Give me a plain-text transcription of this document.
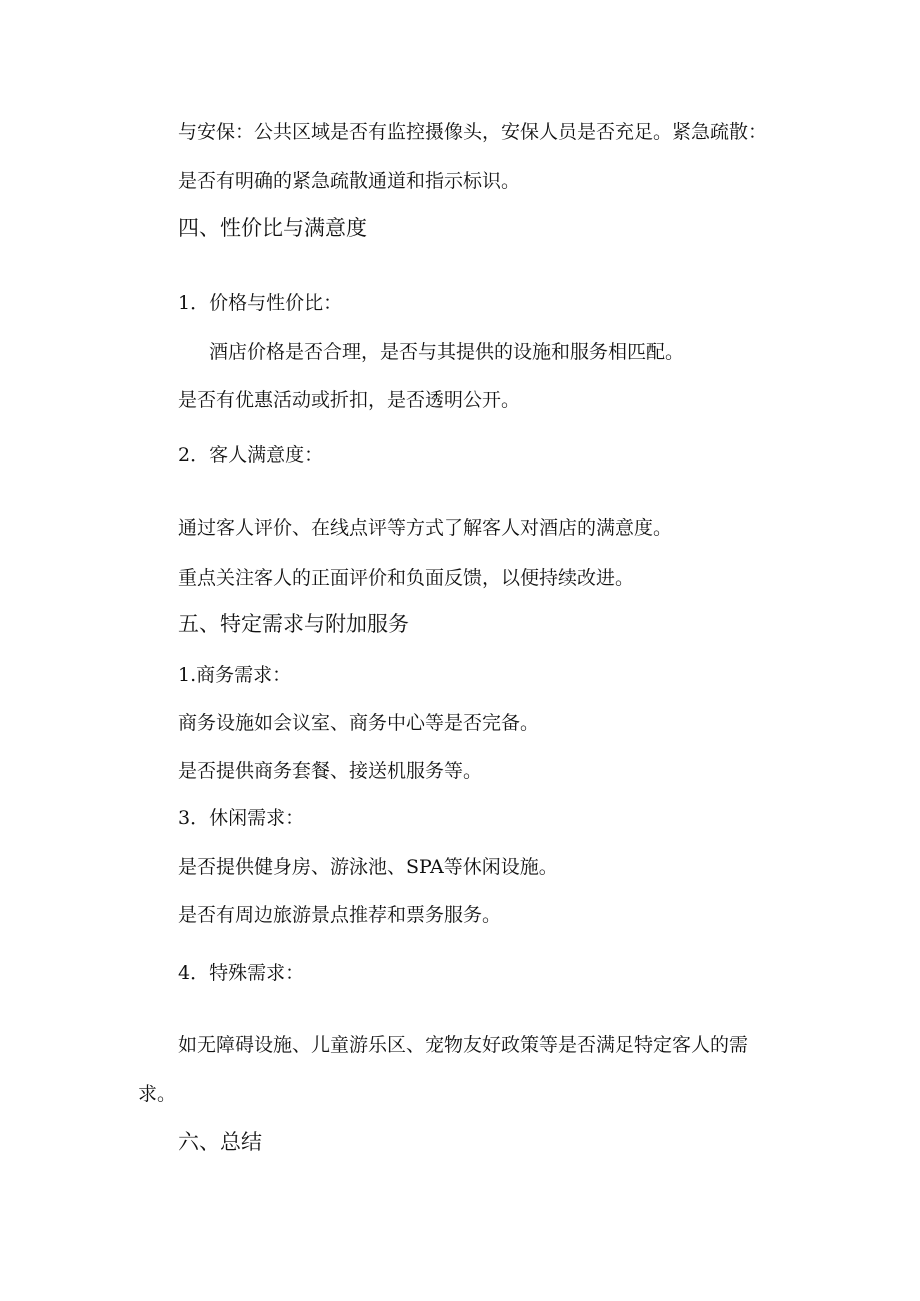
与安保：公共区域是否有监控摄像头，安保人员是否充足。紧急疏散：
是否有明确的紧急疏散通道和指示标识。
四、性价比与满意度
1．价格与性价比：
酒店价格是否合理，是否与其提供的设施和服务相匹配。
是否有优惠活动或折扣，是否透明公开。
2．客人满意度：
通过客人评价、在线点评等方式了解客人对酒店的满意度。
重点关注客人的正面评价和负面反馈，以便持续改进。
五、特定需求与附加服务
1.商务需求：
商务设施如会议室、商务中心等是否完备。
是否提供商务套餐、接送机服务等。
3．休闲需求：
是否提供健身房、游泳池、SPA等休闲设施。
是否有周边旅游景点推荐和票务服务。
4．特殊需求：
如无障碍设施、儿童游乐区、宠物友好政策等是否满足特定客人的需
求。
六、总结
